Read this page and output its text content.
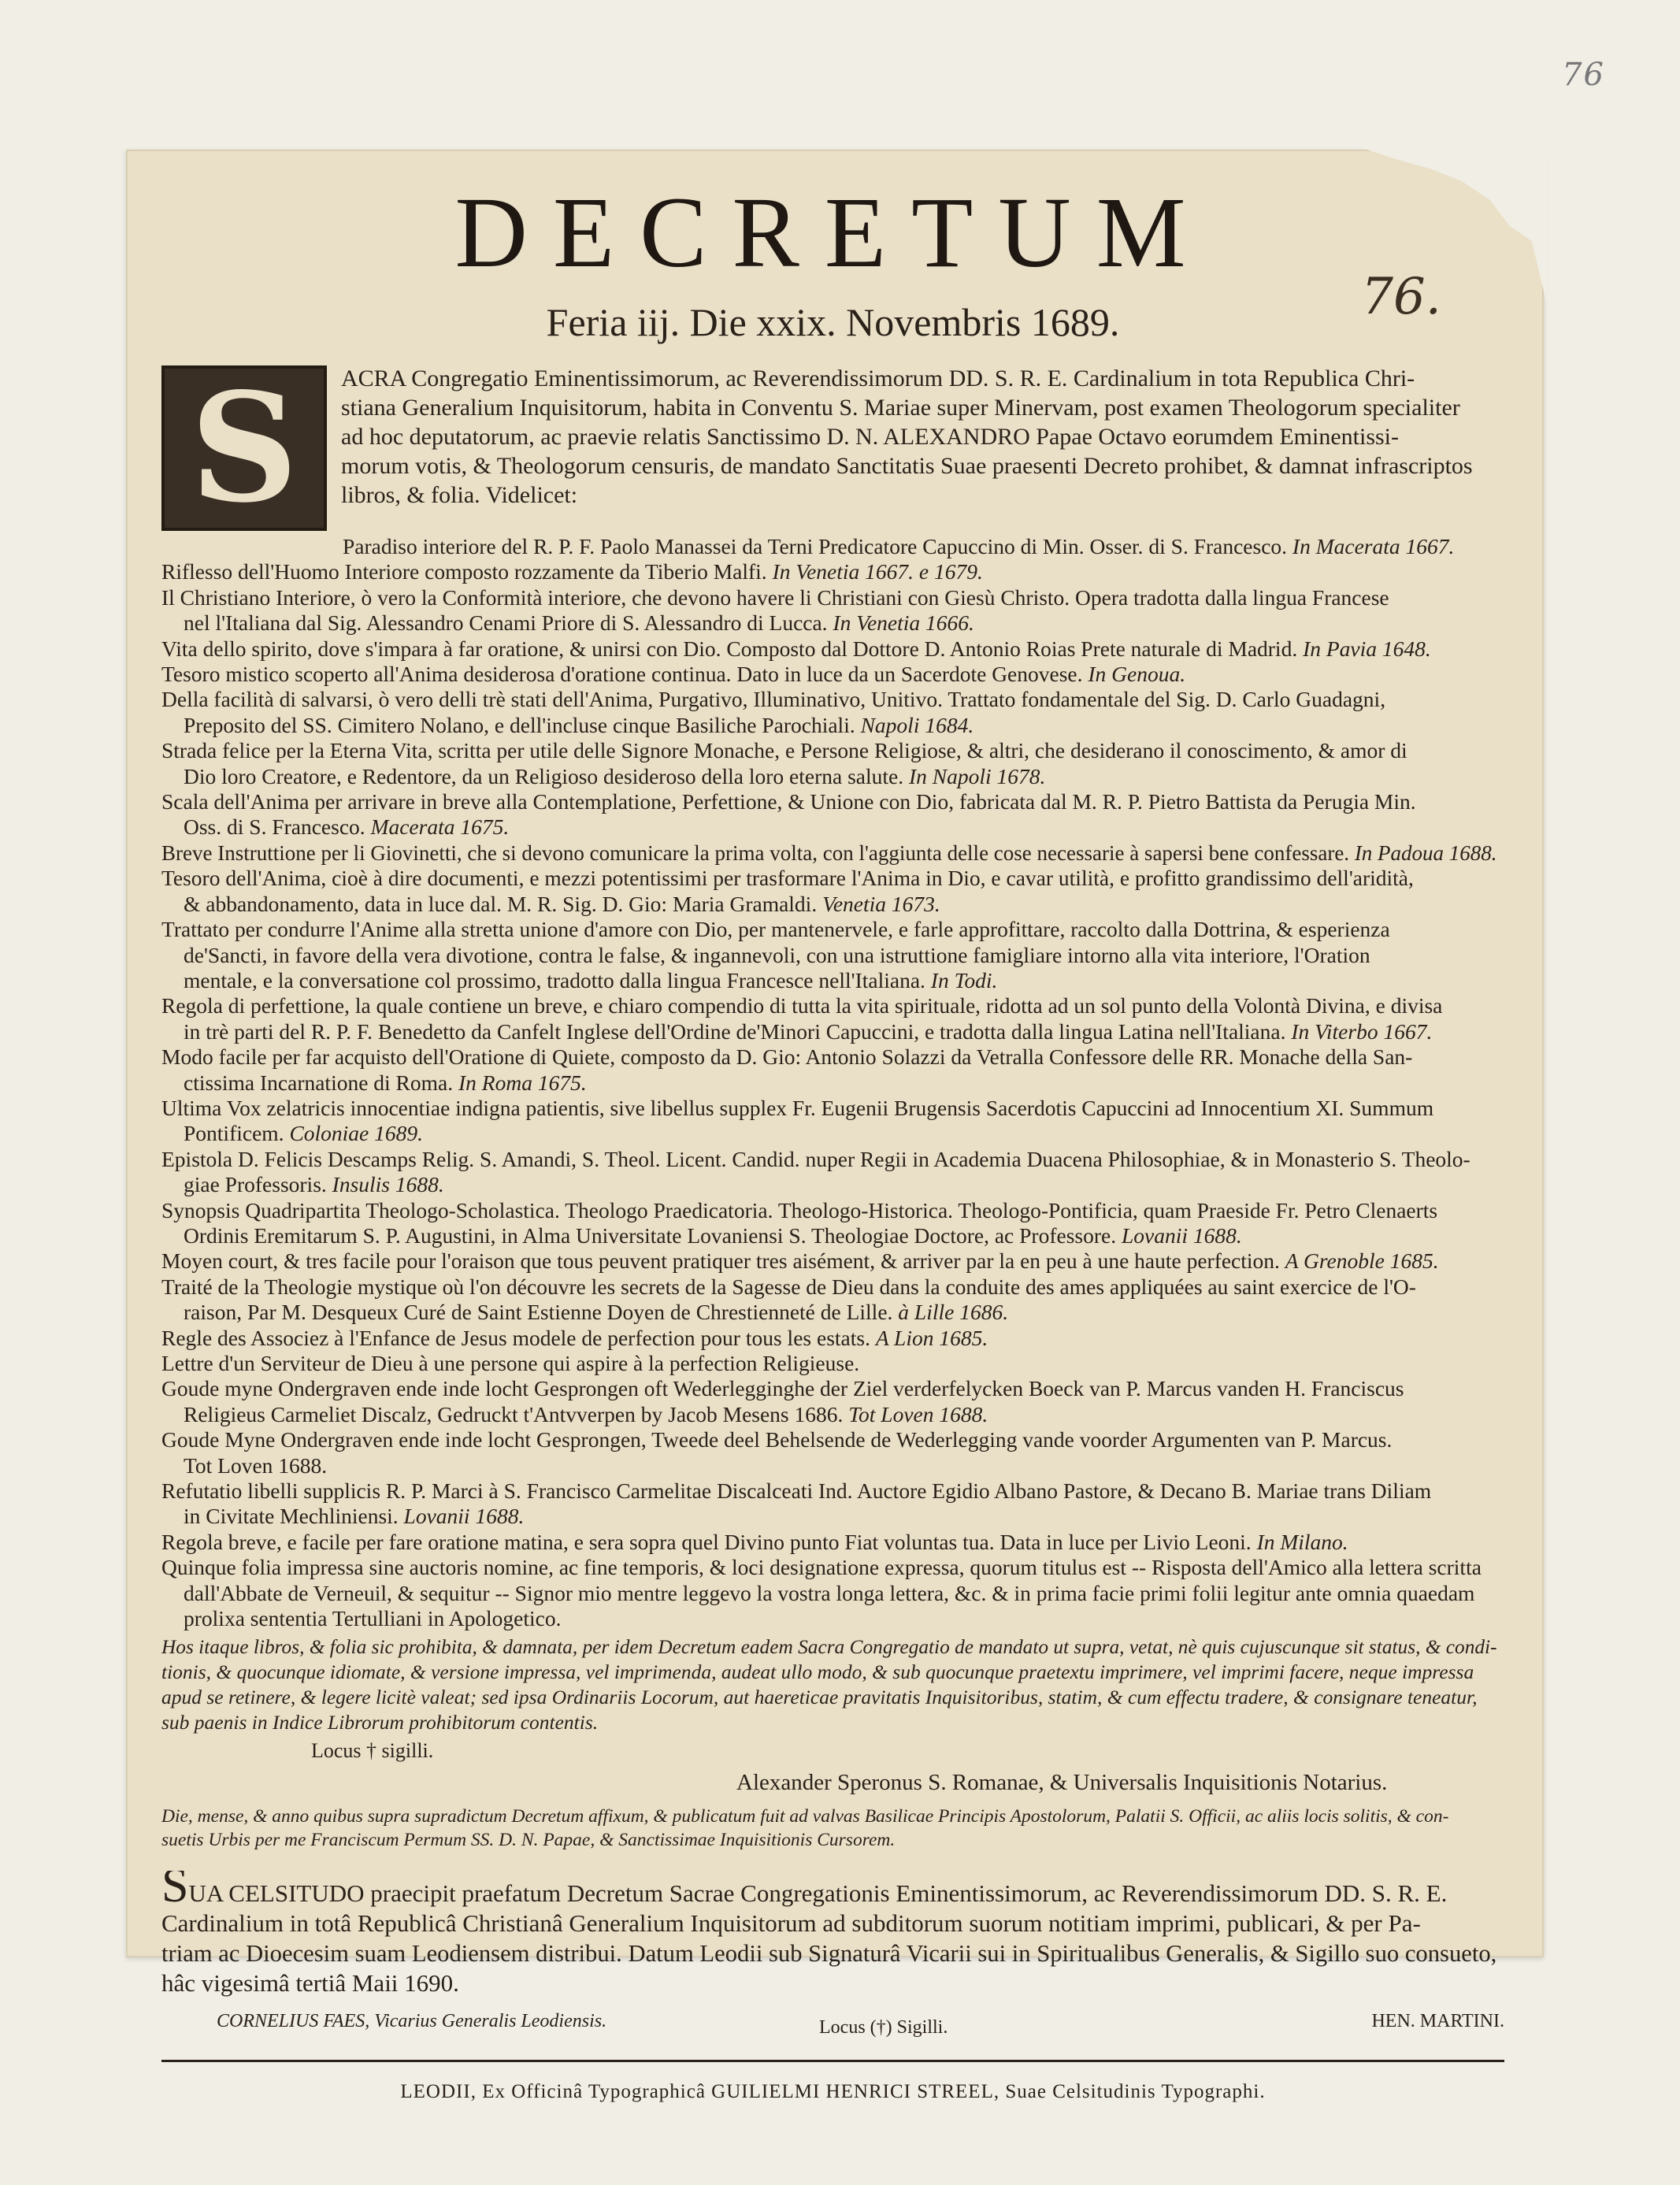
76
76.
DECRETUM
Feria iij. Die xxix. Novembris 1689.
S	ACRA Congregatio Eminentissimorum, ac Reverendissimorum DD. S. R. E. Cardinalium in tota Republica Chri-
stiana Generalium Inquisitorum, habita in Conventu S. Mariae super Minervam, post examen Theologorum specialiter
ad hoc deputatorum, ac praevie relatis Sanctissimo D. N. ALEXANDRO Papae Octavo eorumdem Eminentissi-
morum votis, & Theologorum censuris, de mandato Sanctitatis Suae praesenti Decreto prohibet, & damnat infrascriptos
libros, & folia. Videlicet:
Paradiso interiore del R. P. F. Paolo Manassei da Terni Predicatore Capuccino di Min. Osser. di S. Francesco. In Macerata 1667.
Riflesso dell'Huomo Interiore composto rozzamente da Tiberio Malfi. In Venetia 1667. e 1679.
Il Christiano Interiore, ò vero la Conformità interiore, che devono havere li Christiani con Giesù Christo. Opera tradotta dalla lingua Francese
nel l'Italiana dal Sig. Alessandro Cenami Priore di S. Alessandro di Lucca. In Venetia 1666.
Vita dello spirito, dove s'impara à far oratione, & unirsi con Dio. Composto dal Dottore D. Antonio Roias Prete naturale di Madrid. In Pavia 1648.
Tesoro mistico scoperto all'Anima desiderosa d'oratione continua. Dato in luce da un Sacerdote Genovese. In Genoua.
Della facilità di salvarsi, ò vero delli trè stati dell'Anima, Purgativo, Illuminativo, Unitivo. Trattato fondamentale del Sig. D. Carlo Guadagni,
Preposito del SS. Cimitero Nolano, e dell'incluse cinque Basiliche Parochiali. Napoli 1684.
Strada felice per la Eterna Vita, scritta per utile delle Signore Monache, e Persone Religiose, & altri, che desiderano il conoscimento, & amor di
Dio loro Creatore, e Redentore, da un Religioso desideroso della loro eterna salute. In Napoli 1678.
Scala dell'Anima per arrivare in breve alla Contemplatione, Perfettione, & Unione con Dio, fabricata dal M. R. P. Pietro Battista da Perugia Min.
Oss. di S. Francesco. Macerata 1675.
Breve Instruttione per li Giovinetti, che si devono comunicare la prima volta, con l'aggiunta delle cose necessarie à sapersi bene confessare. In Padoua 1688.
Tesoro dell'Anima, cioè à dire documenti, e mezzi potentissimi per trasformare l'Anima in Dio, e cavar utilità, e profitto grandissimo dell'aridità,
& abbandonamento, data in luce dal. M. R. Sig. D. Gio: Maria Gramaldi. Venetia 1673.
Trattato per condurre l'Anime alla stretta unione d'amore con Dio, per mantenervele, e farle approfittare, raccolto dalla Dottrina, & esperienza
de'Sancti, in favore della vera divotione, contra le false, & ingannevoli, con una istruttione famigliare intorno alla vita interiore, l'Oration
mentale, e la conversatione col prossimo, tradotto dalla lingua Francesce nell'Italiana. In Todi.
Regola di perfettione, la quale contiene un breve, e chiaro compendio di tutta la vita spirituale, ridotta ad un sol punto della Volontà Divina, e divisa
in trè parti del R. P. F. Benedetto da Canfelt Inglese dell'Ordine de'Minori Capuccini, e tradotta dalla lingua Latina nell'Italiana. In Viterbo 1667.
Modo facile per far acquisto dell'Oratione di Quiete, composto da D. Gio: Antonio Solazzi da Vetralla Confessore delle RR. Monache della San-
ctissima Incarnatione di Roma. In Roma 1675.
Ultima Vox zelatricis innocentiae indigna patientis, sive libellus supplex Fr. Eugenii Brugensis Sacerdotis Capuccini ad Innocentium XI. Summum
Pontificem. Coloniae 1689.
Epistola D. Felicis Descamps Relig. S. Amandi, S. Theol. Licent. Candid. nuper Regii in Academia Duacena Philosophiae, & in Monasterio S. Theolo-
giae Professoris. Insulis 1688.
Synopsis Quadripartita Theologo-Scholastica. Theologo Praedicatoria. Theologo-Historica. Theologo-Pontificia, quam Praeside Fr. Petro Clenaerts
Ordinis Eremitarum S. P. Augustini, in Alma Universitate Lovaniensi S. Theologiae Doctore, ac Professore. Lovanii 1688.
Moyen court, & tres facile pour l'oraison que tous peuvent pratiquer tres aisément, & arriver par la en peu à une haute perfection. A Grenoble 1685.
Traité de la Theologie mystique où l'on découvre les secrets de la Sagesse de Dieu dans la conduite des ames appliquées au saint exercice de l'O-
raison, Par M. Desqueux Curé de Saint Estienne Doyen de Chrestienneté de Lille. à Lille 1686.
Regle des Associez à l'Enfance de Jesus modele de perfection pour tous les estats. A Lion 1685.
Lettre d'un Serviteur de Dieu à une persone qui aspire à la perfection Religieuse.
Goude myne Ondergraven ende inde locht Gesprongen oft Wederlegginghe der Ziel verderfelycken Boeck van P. Marcus vanden H. Franciscus
Religieus Carmeliet Discalz, Gedruckt t'Antvverpen by Jacob Mesens 1686. Tot Loven 1688.
Goude Myne Ondergraven ende inde locht Gesprongen, Tweede deel Behelsende de Wederlegging vande voorder Argumenten van P. Marcus.
Tot Loven 1688.
Refutatio libelli supplicis R. P. Marci à S. Francisco Carmelitae Discalceati Ind. Auctore Egidio Albano Pastore, & Decano B. Mariae trans Diliam
in Civitate Mechliniensi. Lovanii 1688.
Regola breve, e facile per fare oratione matina, e sera sopra quel Divino punto Fiat voluntas tua. Data in luce per Livio Leoni. In Milano.
Quinque folia impressa sine auctoris nomine, ac fine temporis, & loci designatione expressa, quorum titulus est -- Risposta dell'Amico alla lettera scritta
dall'Abbate de Verneuil, & sequitur -- Signor mio mentre leggevo la vostra longa lettera, &c. & in prima facie primi folii legitur ante omnia quaedam
prolixa sententia Tertulliani in Apologetico.
Hos itaque libros, & folia sic prohibita, & damnata, per idem Decretum eadem Sacra Congregatio de mandato ut supra, vetat, nè quis cujuscunque sit status, & condi-
tionis, & quocunque idiomate, & versione impressa, vel imprimenda, audeat ullo modo, & sub quocunque praetextu imprimere, vel imprimi facere, neque impressa
apud se retinere, & legere licitè valeat; sed ipsa Ordinariis Locorum, aut haereticae pravitatis Inquisitoribus, statim, & cum effectu tradere, & consignare teneatur,
sub paenis in Indice Librorum prohibitorum contentis.
Locus † sigilli.
Alexander Speronus S. Romanae, & Universalis Inquisitionis Notarius.
Die, mense, & anno quibus supra supradictum Decretum affixum, & publicatum fuit ad valvas Basilicae Principis Apostolorum, Palatii S. Officii, ac aliis locis solitis, & con-
suetis Urbis per me Franciscum Permum SS. D. N. Papae, & Sanctissimae Inquisitionis Cursorem.
SUA CELSITUDO praecipit praefatum Decretum Sacrae Congregationis Eminentissimorum, ac Reverendissimorum DD. S. R. E.
Cardinalium in totâ Republicâ Christianâ Generalium Inquisitorum ad subditorum suorum notitiam imprimi, publicari, & per Pa-
triam ac Dioecesim suam Leodiensem distribui. Datum Leodii sub Signaturâ Vicarii sui in Spiritualibus Generalis, & Sigillo suo consueto,
hâc vigesimâ tertiâ Maii 1690.
CORNELIUS FAES, Vicarius Generalis Leodiensis.	Locus (†) Sigilli.	HEN. MARTINI.
LEODII, Ex Officinâ Typographicâ GUILIELMI HENRICI STREEL, Suae Celsitudinis Typographi.
